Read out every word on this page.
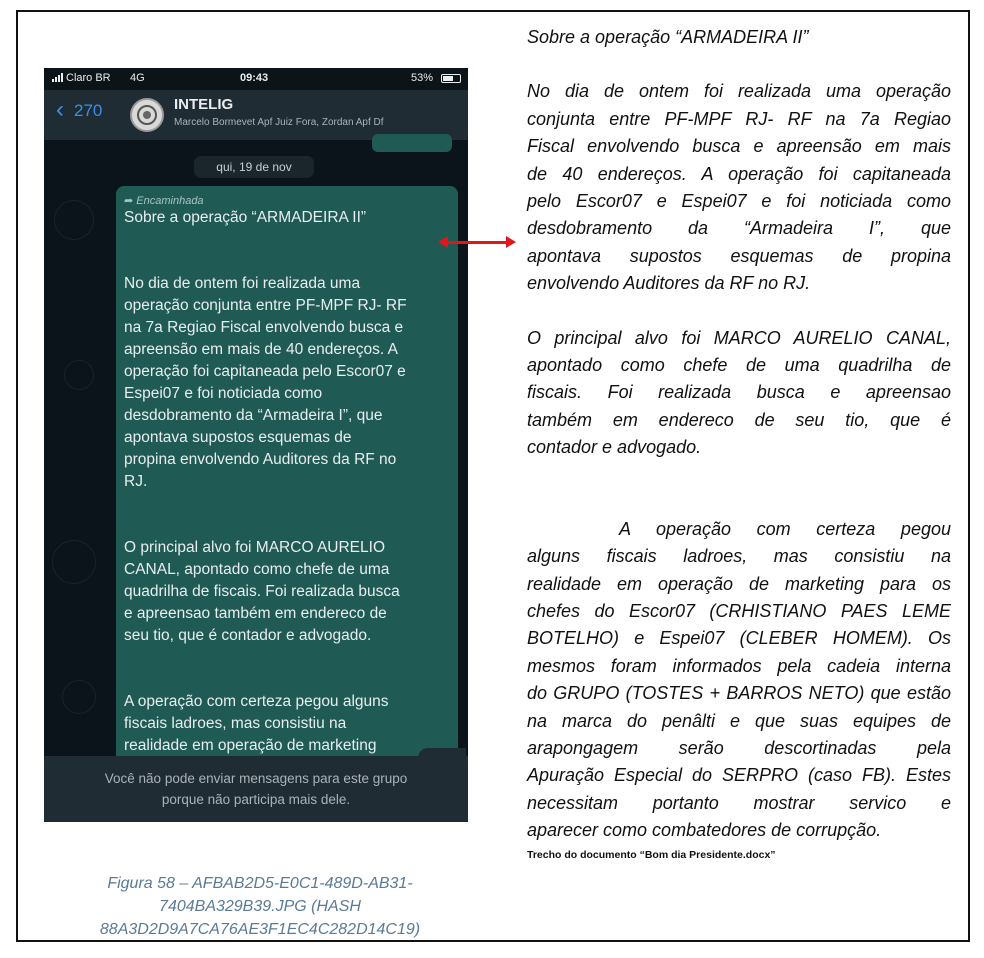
Claro BR 4G	09:43	53%
‹ 270	INTELIG
Marcelo Bormevet Apf Juiz Fora, Zordan Apf Df
qui, 19 de nov
➦ Encaminhada
Sobre a operação “ARMADEIRA II”
No dia de ontem foi realizada uma
operação conjunta entre PF-MPF RJ- RF
na 7a Regiao Fiscal envolvendo busca e
apreensão em mais de 40 endereços. A
operação foi capitaneada pelo Escor07 e
Espei07 e foi noticiada como
desdobramento da “Armadeira I”, que
apontava supostos esquemas de
propina envolvendo Auditores da RF no
RJ.
O principal alvo foi MARCO AURELIO
CANAL, apontado como chefe de uma
quadrilha de fiscais. Foi realizada busca
e apreensao também em endereco de
seu tio, que é contador e advogado.
A operação com certeza pegou alguns
fiscais ladroes, mas consistiu na
realidade em operação de marketing
Você não pode enviar mensagens para este grupo
porque não participa mais dele.
Figura 58 – AFBAB2D5-E0C1-489D-AB31-
7404BA329B39.JPG (HASH
88A3D2D9A7CA76AE3F1EC4C282D14C19)
Sobre a operação “ARMADEIRA II”
No dia de ontem foi realizada uma operação
conjunta entre PF-MPF RJ- RF na 7a Regiao
Fiscal envolvendo busca e apreensão em mais
de 40 endereços. A operação foi capitaneada
pelo Escor07 e Espei07 e foi noticiada como
desdobramento da “Armadeira I”, que
apontava supostos esquemas de propina
envolvendo Auditores da RF no RJ.
O principal alvo foi MARCO AURELIO CANAL,
apontado como chefe de uma quadrilha de
fiscais. Foi realizada busca e apreensao
também em endereco de seu tio, que é
contador e advogado.
A operação com certeza pegou
alguns fiscais ladroes, mas consistiu na
realidade em operação de marketing para os
chefes do Escor07 (CRHISTIANO PAES LEME
BOTELHO) e Espei07 (CLEBER HOMEM). Os
mesmos foram informados pela cadeia interna
do GRUPO (TOSTES + BARROS NETO) que estão
na marca do penâlti e que suas equipes de
arapongagem serão descortinadas pela
Apuração Especial do SERPRO (caso FB). Estes
necessitam portanto mostrar servico e
aparecer como combatedores de corrupção.
Trecho do documento “Bom dia Presidente.docx”
